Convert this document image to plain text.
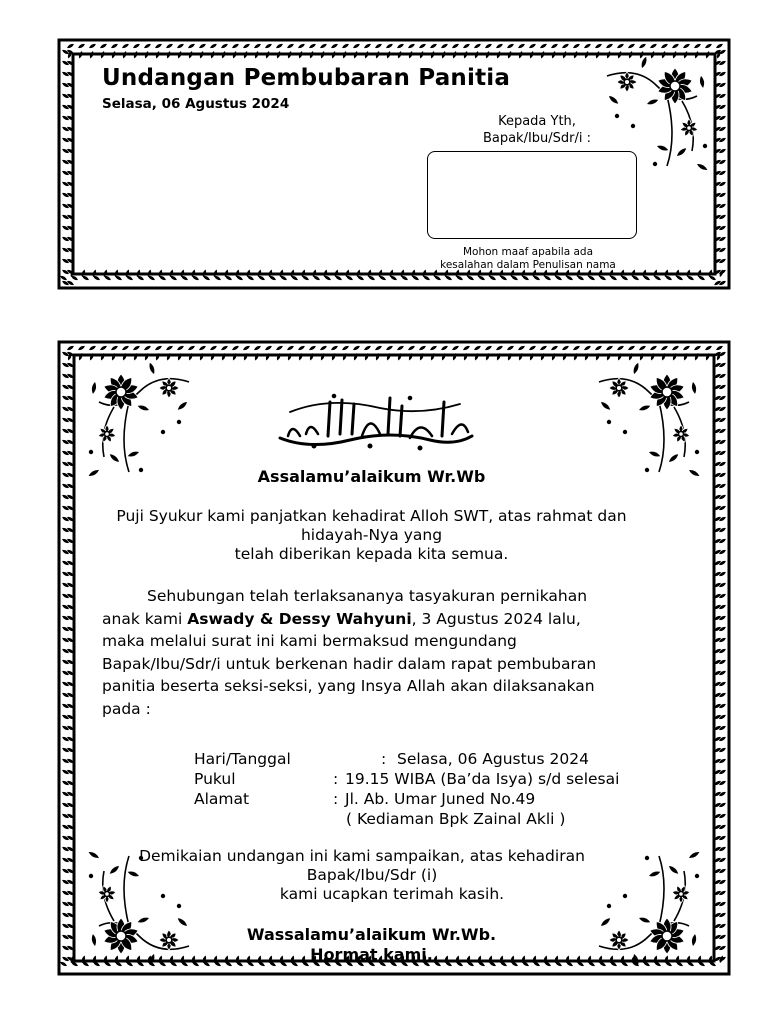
Undangan Pembubaran Panitia
Selasa, 06 Agustus 2024
Kepada Yth,
Bapak/Ibu/Sdr/i :
Mohon maaf apabila ada
kesalahan dalam Penulisan nama
Assalamu’alaikum Wr.Wb
Puji Syukur kami panjatkan kehadirat Alloh SWT, atas rahmat dan
hidayah-Nya yang
telah diberikan kepada kita semua.
Sehubungan telah terlaksananya tasyakuran pernikahan
anak kami Aswady & Dessy Wahyuni, 3 Agustus 2024 lalu,
maka melalui surat ini kami bermaksud mengundang
Bapak/Ibu/Sdr/i untuk berkenan hadir dalam rapat pembubaran
panitia beserta seksi-seksi, yang Insya Allah akan dilaksanakan
pada :
Hari/Tanggal	: Selasa, 06 Agustus 2024
Pukul	: 19.15 WIBA (Ba’da Isya) s/d selesai
Alamat	: Jl. Ab. Umar Juned No.49
( Kediaman Bpk Zainal Akli )
Demikaian undangan ini kami sampaikan, atas kehadiran
Bapak/Ibu/Sdr (i)
kami ucapkan terimah kasih.
Wassalamu’alaikum Wr.Wb.
Hormat kami,
